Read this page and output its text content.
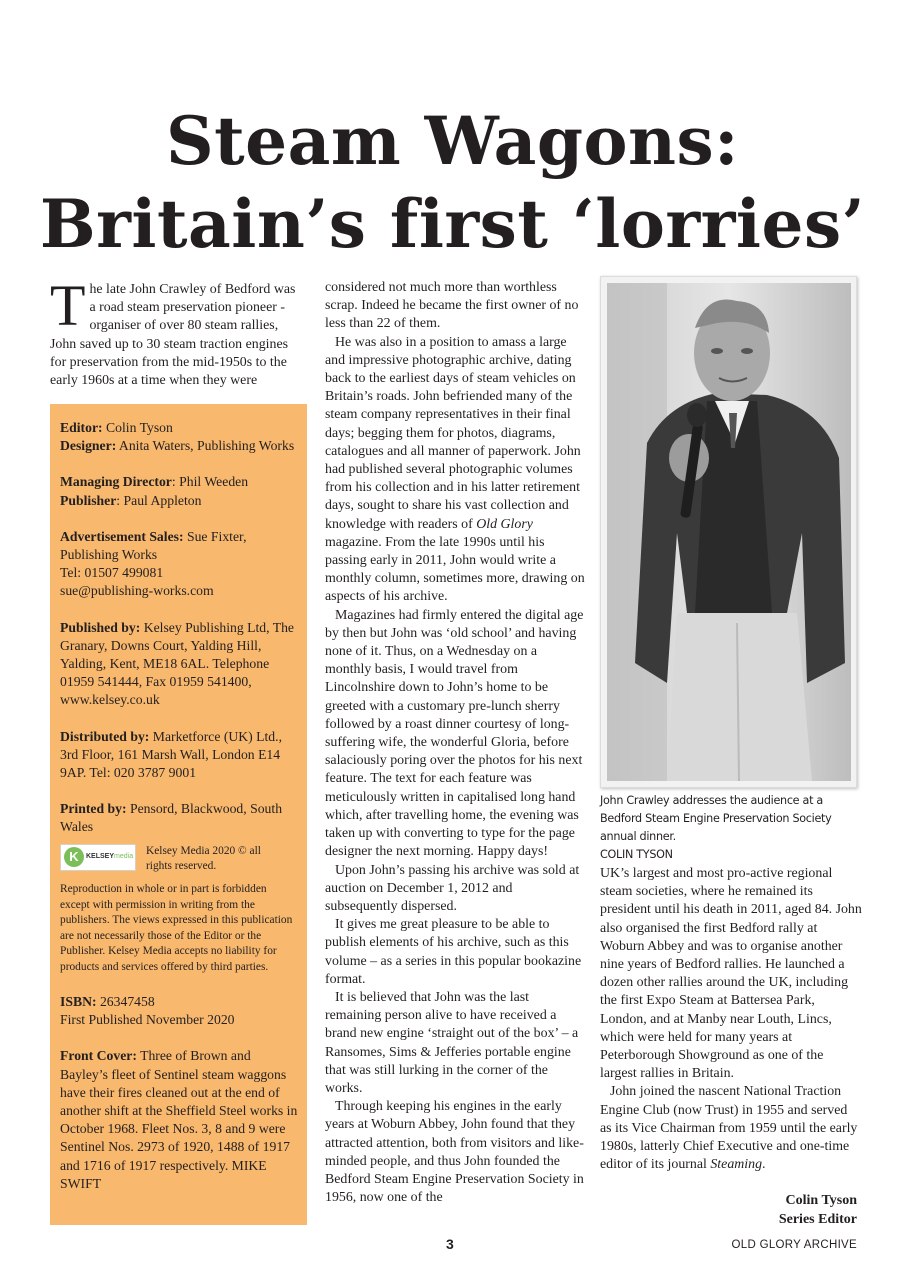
Steam Wagons:
Britain’s first ‘lorries’

The late John Crawley of Bedford was a road steam preservation pioneer - organiser of over 80 steam rallies, John saved up to 30 steam traction engines for preservation from the mid-1950s to the early 1960s at a time when they were

Editor: Colin Tyson
Designer: Anita Waters, Publishing Works
Managing Director: Phil Weeden
Publisher: Paul Appleton
Advertisement Sales: Sue Fixter, Publishing Works
Tel: 01507 499081
sue@publishing-works.com
Published by: Kelsey Publishing Ltd, The Granary, Downs Court, Yalding Hill, Yalding, Kent, ME18 6AL. Telephone 01959 541444, Fax 01959 541400, www.kelsey.co.uk
Distributed by: Marketforce (UK) Ltd., 3rd Floor, 161 Marsh Wall, London E14 9AP. Tel: 020 3787 9001
Printed by: Pensord, Blackwood, South Wales
K	KELSEY media Kelsey Media 2020 © all rights reserved.
Reproduction in whole or in part is forbidden except with permission in writing from the publishers. The views expressed in this publication are not necessarily those of the Editor or the Publisher. Kelsey Media accepts no liability for products and services offered by third parties.
ISBN: 26347458
First Published November 2020
Front Cover: Three of Brown and Bayley’s fleet of Sentinel steam waggons have their fires cleaned out at the end of another shift at the Sheffield Steel works in October 1968. Fleet Nos. 3, 8 and 9 were Sentinel Nos. 2973 of 1920, 1488 of 1917 and 1716 of 1917 respectively. MIKE SWIFT

considered not much more than worthless scrap. Indeed he became the first owner of no less than 22 of them.

He was also in a position to amass a large and impressive photographic archive, dating back to the earliest days of steam vehicles on Britain’s roads. John befriended many of the steam company representatives in their final days; begging them for photos, diagrams, catalogues and all manner of paperwork. John had published several photographic volumes from his collection and in his latter retirement days, sought to share his vast collection and knowledge with readers of Old Glory magazine. From the late 1990s until his passing early in 2011, John would write a monthly column, sometimes more, drawing on aspects of his archive.

Magazines had firmly entered the digital age by then but John was ‘old school’ and having none of it. Thus, on a Wednesday on a monthly basis, I would travel from Lincolnshire down to John’s home to be greeted with a customary pre-lunch sherry followed by a roast dinner courtesy of long-suffering wife, the wonderful Gloria, before salaciously poring over the photos for his next feature. The text for each feature was meticulously written in capitalised long hand which, after travelling home, the evening was taken up with converting to type for the page designer the next morning. Happy days!

Upon John’s passing his archive was sold at auction on December 1, 2012 and subsequently dispersed.

It gives me great pleasure to be able to publish elements of his archive, such as this volume – as a series in this popular bookazine format.

It is believed that John was the last remaining person alive to have received a brand new engine ‘straight out of the box’ – a Ransomes, Sims & Jefferies portable engine that was still lurking in the corner of the works.

Through keeping his engines in the early years at Woburn Abbey, John found that they attracted attention, both from visitors and like-minded people, and thus John founded the Bedford Steam Engine Preservation Society in 1956, now one of the

John Crawley addresses the audience at a Bedford Steam Engine Preservation Society annual dinner.
COLIN TYSON

UK’s largest and most pro-active regional steam societies, where he remained its president until his death in 2011, aged 84. John also organised the first Bedford rally at Woburn Abbey and was to organise another nine years of Bedford rallies. He launched a dozen other rallies around the UK, including the first Expo Steam at Battersea Park, London, and at Manby near Louth, Lincs, which were held for many years at Peterborough Showground as one of the largest rallies in Britain.

John joined the nascent National Traction Engine Club (now Trust) in 1955 and served as its Vice Chairman from 1959 until the early 1980s, latterly Chief Executive and one-time editor of its journal Steaming.

Colin Tyson
Series Editor
3	OLD GLORY ARCHIVE
